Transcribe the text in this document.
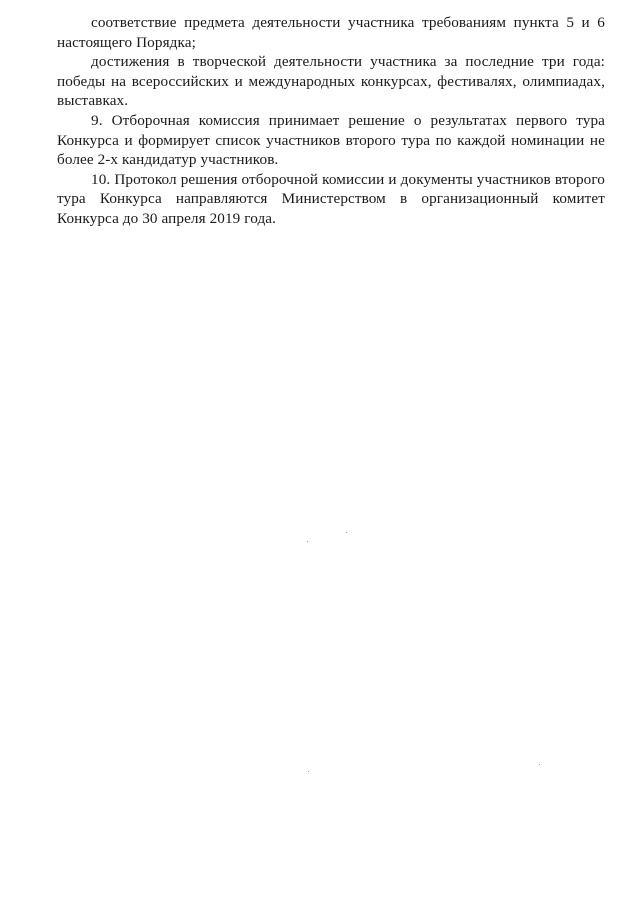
соответствие предмета деятельности участника требованиям пункта 5 и 6 настоящего Порядка;

достижения в творческой деятельности участника за последние три года: победы на всероссийских и международных конкурсах, фестивалях, олимпиадах, выставках.

9. Отборочная комиссия принимает решение о результатах первого тура Конкурса и формирует список участников второго тура по каждой номинации не более 2-х кандидатур участников.

10. Протокол решения отборочной комиссии и документы участников второго тура Конкурса направляются Министерством в организационный комитет Конкурса до 30 апреля 2019 года.
